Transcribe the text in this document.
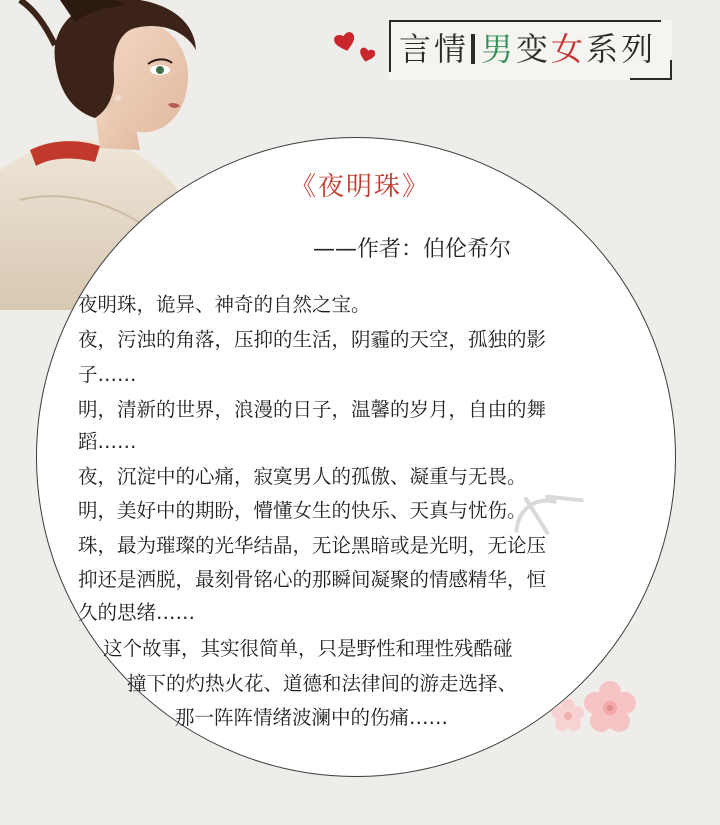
言情 男变女系列
《夜明珠》
——作者：伯伦希尔
夜明珠，诡异、神奇的自然之宝。
夜，污浊的角落，压抑的生活，阴霾的天空，孤独的影
子……
明，清新的世界，浪漫的日子，温馨的岁月，自由的舞
蹈……
夜，沉淀中的心痛，寂寞男人的孤傲、凝重与无畏。
明，美好中的期盼，懵懂女生的快乐、天真与忧伤。
珠，最为璀璨的光华结晶，无论黑暗或是光明，无论压
抑还是洒脱，最刻骨铭心的那瞬间凝聚的情感精华，恒
久的思绪……
这个故事，其实很简单，只是野性和理性残酷碰
撞下的灼热火花、道德和法律间的游走选择、
那一阵阵情绪波澜中的伤痛……
